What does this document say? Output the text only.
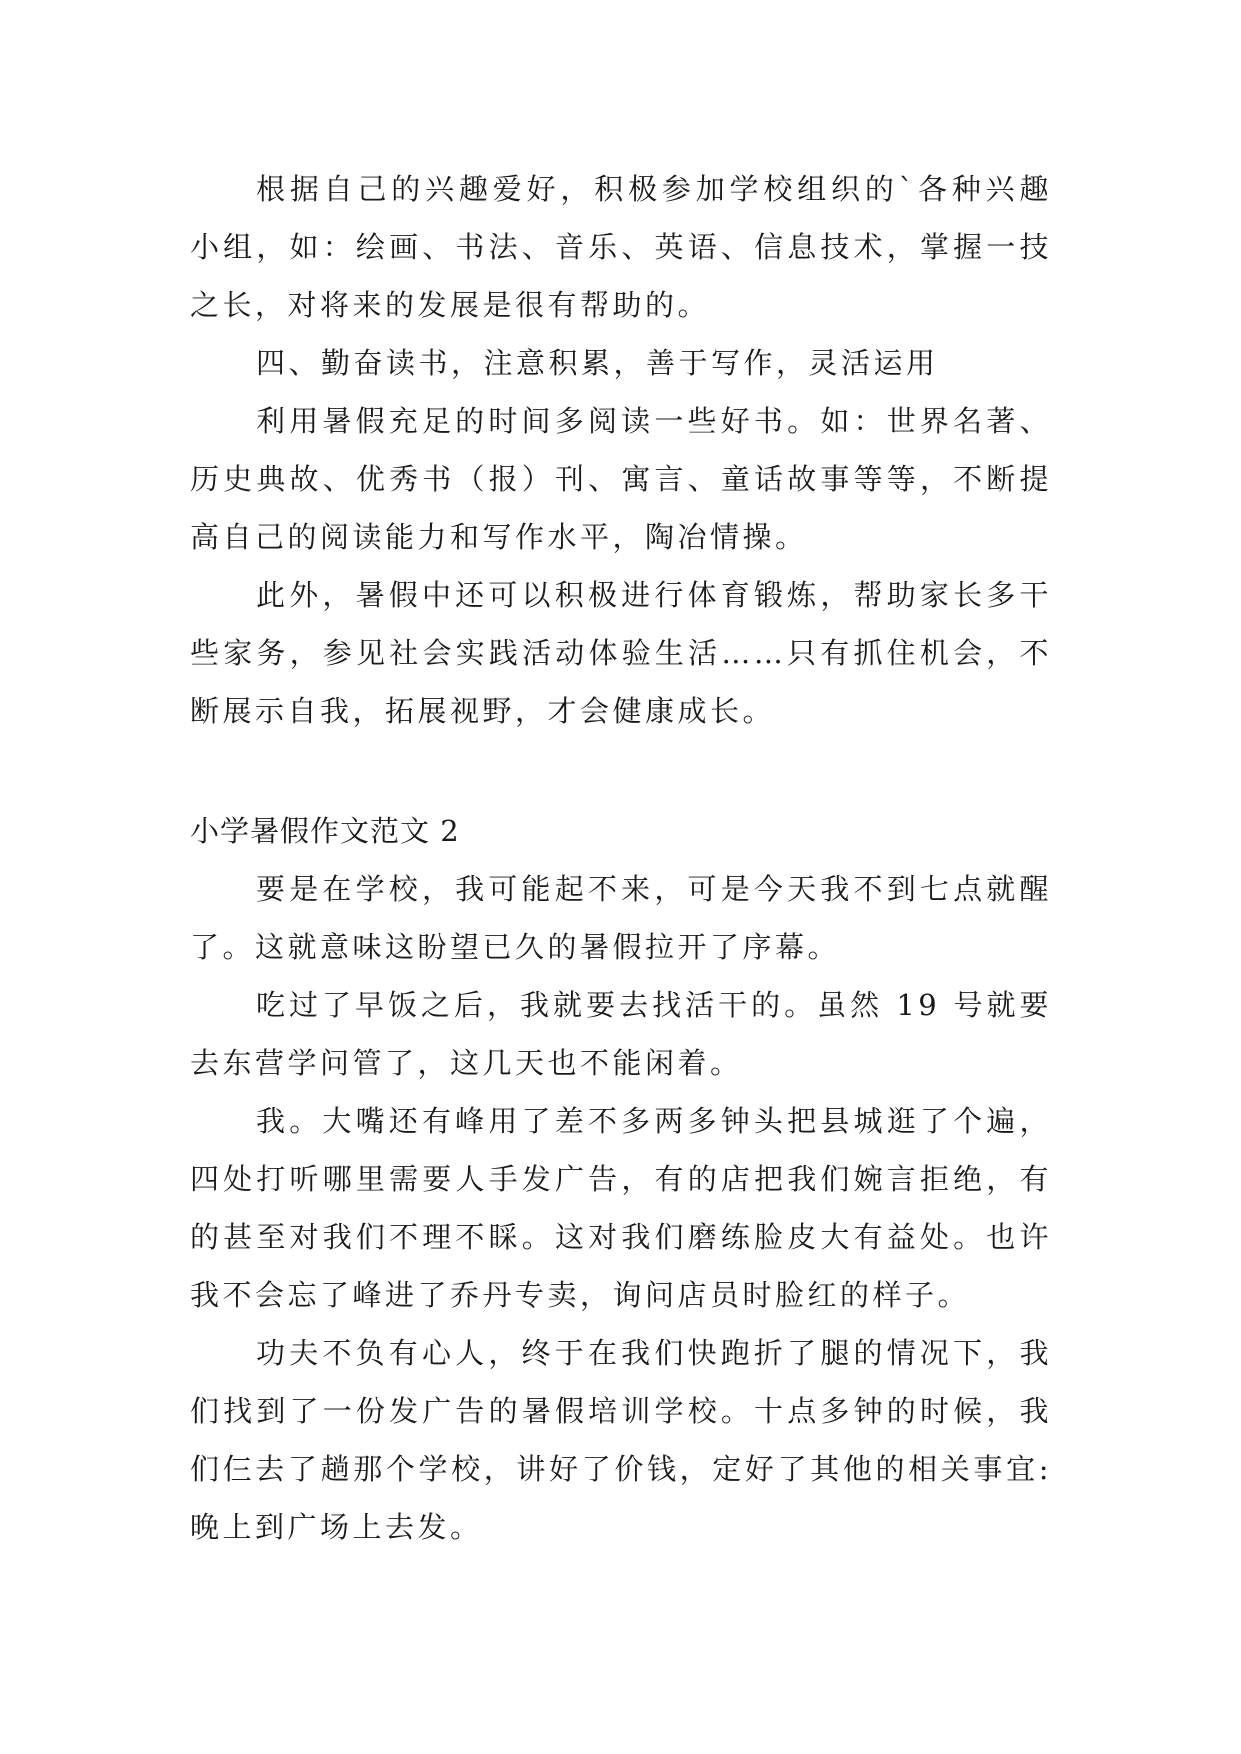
根据自己的兴趣爱好，积极参加学校组织的`各种兴趣小组，如：绘画、书法、音乐、英语、信息技术，掌握一技之长，对将来的发展是很有帮助的。

四、勤奋读书，注意积累，善于写作，灵活运用

利用暑假充足的时间多阅读一些好书。如：世界名著、历史典故、优秀书（报）刊、寓言、童话故事等等，不断提高自己的阅读能力和写作水平，陶冶情操。

此外，暑假中还可以积极进行体育锻炼，帮助家长多干些家务，参见社会实践活动体验生活……只有抓住机会，不断展示自我，拓展视野，才会健康成长。

小学暑假作文范文 2

要是在学校，我可能起不来，可是今天我不到七点就醒了。这就意味这盼望已久的暑假拉开了序幕。

吃过了早饭之后，我就要去找活干的。虽然 19 号就要去东营学问管了，这几天也不能闲着。

我。大嘴还有峰用了差不多两多钟头把县城逛了个遍，四处打听哪里需要人手发广告，有的店把我们婉言拒绝，有的甚至对我们不理不睬。这对我们磨练脸皮大有益处。也许我不会忘了峰进了乔丹专卖，询问店员时脸红的样子。

功夫不负有心人，终于在我们快跑折了腿的情况下，我们找到了一份发广告的暑假培训学校。十点多钟的时候，我们仨去了趟那个学校，讲好了价钱，定好了其他的相关事宜:晚上到广场上去发。
